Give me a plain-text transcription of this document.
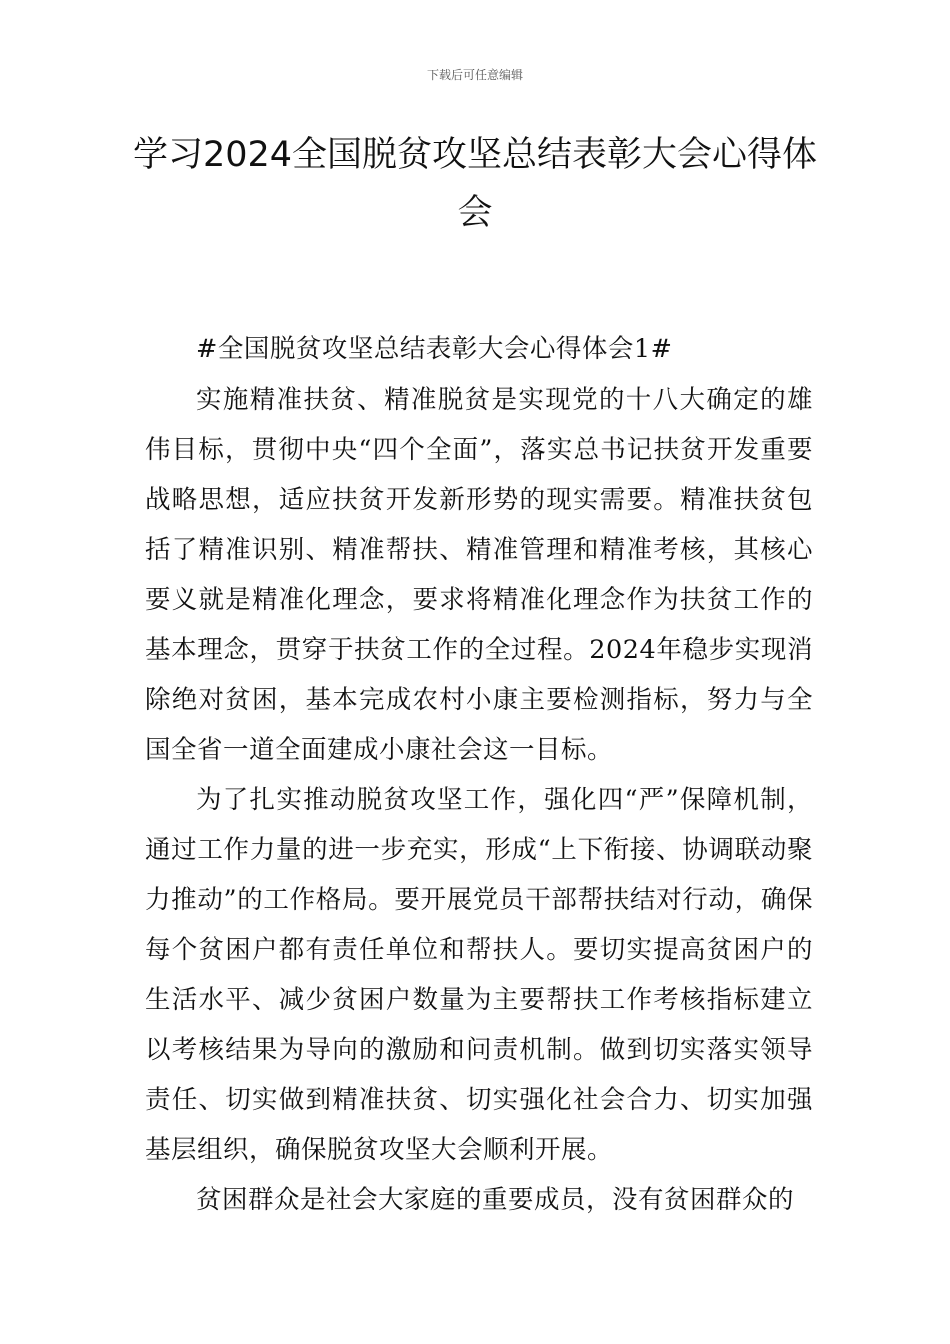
下载后可任意编辑
学习2024全国脱贫攻坚总结表彰大会心得体会

#全国脱贫攻坚总结表彰大会心得体会1#

实施精准扶贫、精准脱贫是实现党的十八大确定的雄伟目标，贯彻中央“四个全面”，落实总书记扶贫开发重要战略思想，适应扶贫开发新形势的现实需要。精准扶贫包括了精准识别、精准帮扶、精准管理和精准考核，其核心要义就是精准化理念，要求将精准化理念作为扶贫工作的基本理念，贯穿于扶贫工作的全过程。2024年稳步实现消除绝对贫困，基本完成农村小康主要检测指标，努力与全国全省一道全面建成小康社会这一目标。

为了扎实推动脱贫攻坚工作，强化四“严”保障机制，通过工作力量的进一步充实，形成“上下衔接、协调联动聚力推动”的工作格局。要开展党员干部帮扶结对行动，确保每个贫困户都有责任单位和帮扶人。要切实提高贫困户的生活水平、减少贫困户数量为主要帮扶工作考核指标建立以考核结果为导向的激励和问责机制。做到切实落实领导责任、切实做到精准扶贫、切实强化社会合力、切实加强基层组织，确保脱贫攻坚大会顺利开展。

贫困群众是社会大家庭的重要成员，没有贫困群众的
